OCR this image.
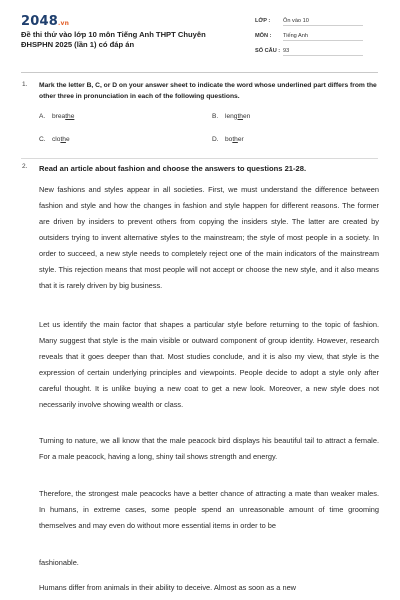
2048.vn
Đề thi thử vào lớp 10 môn Tiếng Anh THPT Chuyên ĐHSPHN 2025 (lần 1) có đáp án
LỚP : Ôn vào 10
MÔN : Tiếng Anh
SỐ CÂU : 93
1. Mark the letter B, C, or D on your answer sheet to indicate the word whose underlined part differs from the other three in pronunciation in each of the following questions.
A. breathe	B. lengthen
C. clothe	D. bother
2. Read an article about fashion and choose the answers to questions 21-28.
New fashions and styles appear in all societies. First, we must understand the difference between fashion and style and how the changes in fashion and style happen for different reasons. The former are driven by insiders to prevent others from copying the insiders style. The latter are created by outsiders trying to invent alternative styles to the mainstream; the style of most people in a society. In order to succeed, a new style needs to completely reject one of the main indicators of the mainstream style. This rejection means that most people will not accept or choose the new style, and it also means that it is rarely driven by big business.
Let us identify the main factor that shapes a particular style before returning to the topic of fashion. Many suggest that style is the main visible or outward component of group identity. However, research reveals that it goes deeper than that. Most studies conclude, and it is also my view, that style is the expression of certain underlying principles and viewpoints. People decide to adopt a style only after careful thought. It is unlike buying a new coat to get a new look. Moreover, a new style does not necessarily involve showing wealth or class.
Turning to nature, we all know that the male peacock bird displays his beautiful tail to attract a female. For a male peacock, having a long, shiny tail shows strength and energy.
Therefore, the strongest male peacocks have a better chance of attracting a mate than weaker males. In humans, in extreme cases, some people spend an unreasonable amount of time grooming themselves and may even do without more essential items in order to be
fashionable.
Humans differ from animals in their ability to deceive. Almost as soon as a new
